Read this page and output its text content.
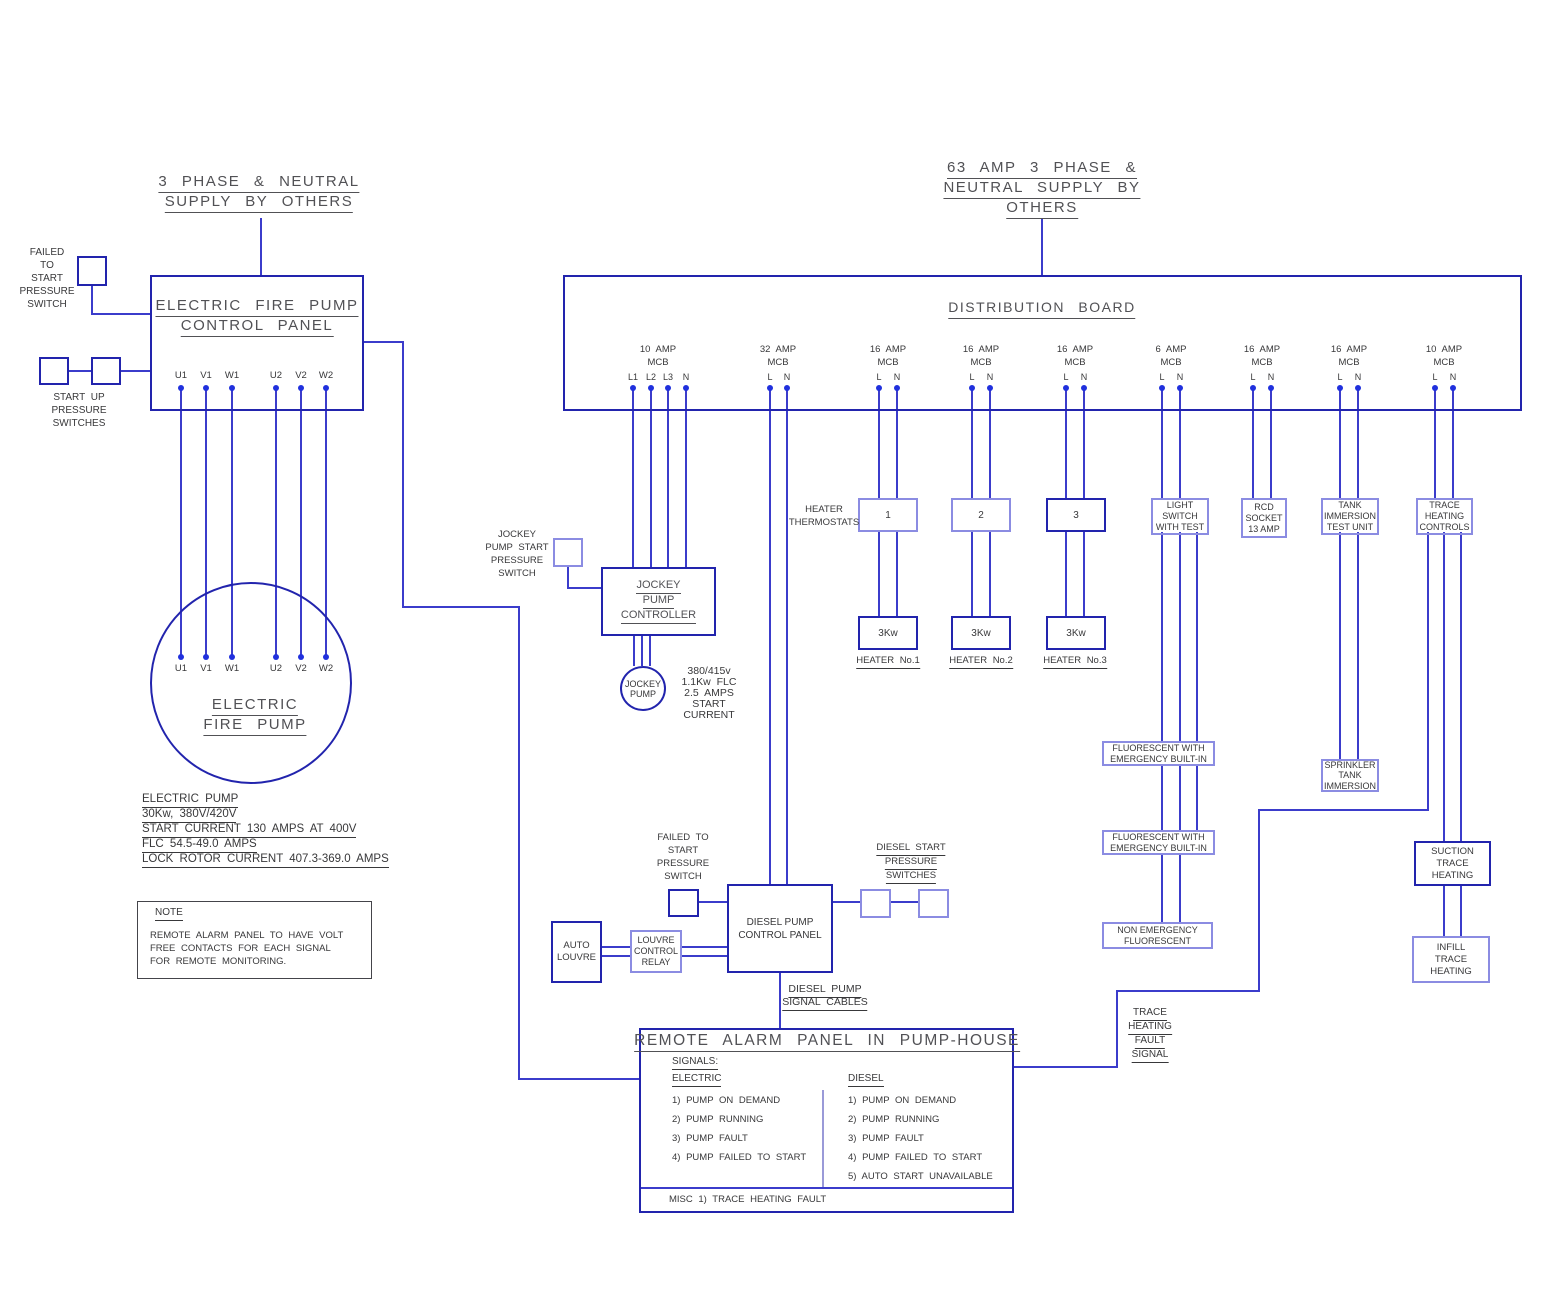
3 PHASE & NEUTRAL
SUPPLY BY OTHERS
FAILED
TO
START
PRESSURE
SWITCH
START UP
PRESSURE
SWITCHES
ELECTRIC FIRE PUMP
CONTROL PANEL
U1 V1 W1	U2 V2 W2
U1 V1 W1	U2 V2 W2
ELECTRIC
FIRE PUMP
ELECTRIC PUMP
30Kw, 380V/420V
START CURRENT 130 AMPS AT 400V
FLC 54.5-49.0 AMPS
LOCK ROTOR CURRENT 407.3-369.0 AMPS
NOTE
REMOTE ALARM PANEL TO HAVE VOLT
FREE CONTACTS FOR EACH SIGNAL
FOR REMOTE MONITORING.
63 AMP 3 PHASE &
NEUTRAL SUPPLY BY
OTHERS
DISTRIBUTION BOARD
10 AMP
MCB
L1 L2 L3 N
32 AMP
MCB
L N
16 AMP
MCB
L N
16 AMP
MCB
L N
16 AMP
MCB
L N
6 AMP
MCB
L N
16 AMP
MCB
L N
16 AMP
MCB
L N
10 AMP
MCB
L N
JOCKEY
PUMP START
PRESSURE
SWITCH
JOCKEY
PUMP
CONTROLLER
JOCKEY
PUMP
380/415v
1.1Kw FLC
2.5 AMPS
START
CURRENT
HEATER
THERMOSTATS
1	2	3
3Kw	3Kw	3Kw
HEATER No.1	HEATER No.2	HEATER No.3
LIGHT
SWITCH
WITH TEST
RCD
SOCKET
13 AMP
TANK
IMMERSION
TEST UNIT
TRACE
HEATING
CONTROLS
FLUORESCENT WITH
EMERGENCY BUILT-IN
FLUORESCENT WITH
EMERGENCY BUILT-IN
NON EMERGENCY
FLUORESCENT
SPRINKLER
TANK
IMMERSION
SUCTION
TRACE
HEATING
INFILL
TRACE
HEATING
TRACE
HEATING
FAULT
SIGNAL
FAILED TO
START
PRESSURE
SWITCH
DIESEL PUMP
CONTROL PANEL
DIESEL START
PRESSURE
SWITCHES
AUTO
LOUVRE
LOUVRE
CONTROL
RELAY
DIESEL PUMP
SIGNAL CABLES
REMOTE ALARM PANEL IN PUMP-HOUSE
SIGNALS:
ELECTRIC	DIESEL
1) PUMP ON DEMAND
2) PUMP RUNNING
3) PUMP FAULT
4) PUMP FAILED TO START
1) PUMP ON DEMAND
2) PUMP RUNNING
3) PUMP FAULT
4) PUMP FAILED TO START
5) AUTO START UNAVAILABLE
MISC 1) TRACE HEATING FAULT
